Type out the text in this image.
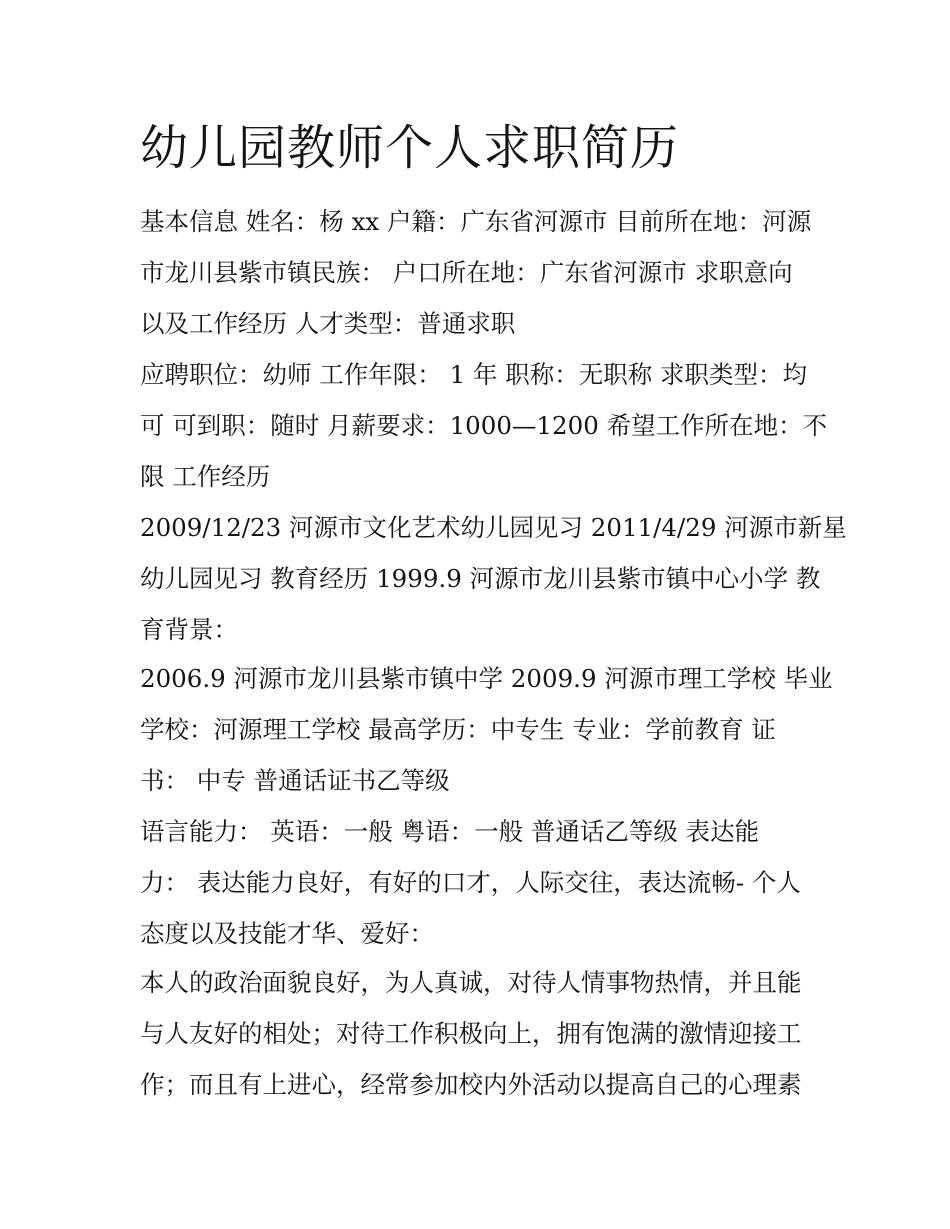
幼儿园教师个人求职简历

基本信息 姓名：杨 xx 户籍：广东省河源市 目前所在地：河源

市龙川县紫市镇民族： 户口所在地：广东省河源市 求职意向

以及工作经历 人才类型：普通求职

应聘职位：幼师 工作年限： 1 年 职称：无职称 求职类型：均

可 可到职：随时 月薪要求：1000—1200 希望工作所在地：不

限 工作经历

2009/12/23 河源市文化艺术幼儿园见习 2011/4/29 河源市新星

幼儿园见习 教育经历 1999.9 河源市龙川县紫市镇中心小学 教

育背景：

2006.9 河源市龙川县紫市镇中学 2009.9 河源市理工学校 毕业

学校：河源理工学校 最高学历：中专生 专业：学前教育 证

书： 中专 普通话证书乙等级

语言能力： 英语：一般 粤语：一般 普通话乙等级 表达能

力： 表达能力良好，有好的口才，人际交往，表达流畅- 个人

态度以及技能才华、爱好：

本人的政治面貌良好，为人真诚，对待人情事物热情，并且能

与人友好的相处；对待工作积极向上，拥有饱满的激情迎接工

作；而且有上进心，经常参加校内外活动以提高自己的心理素
